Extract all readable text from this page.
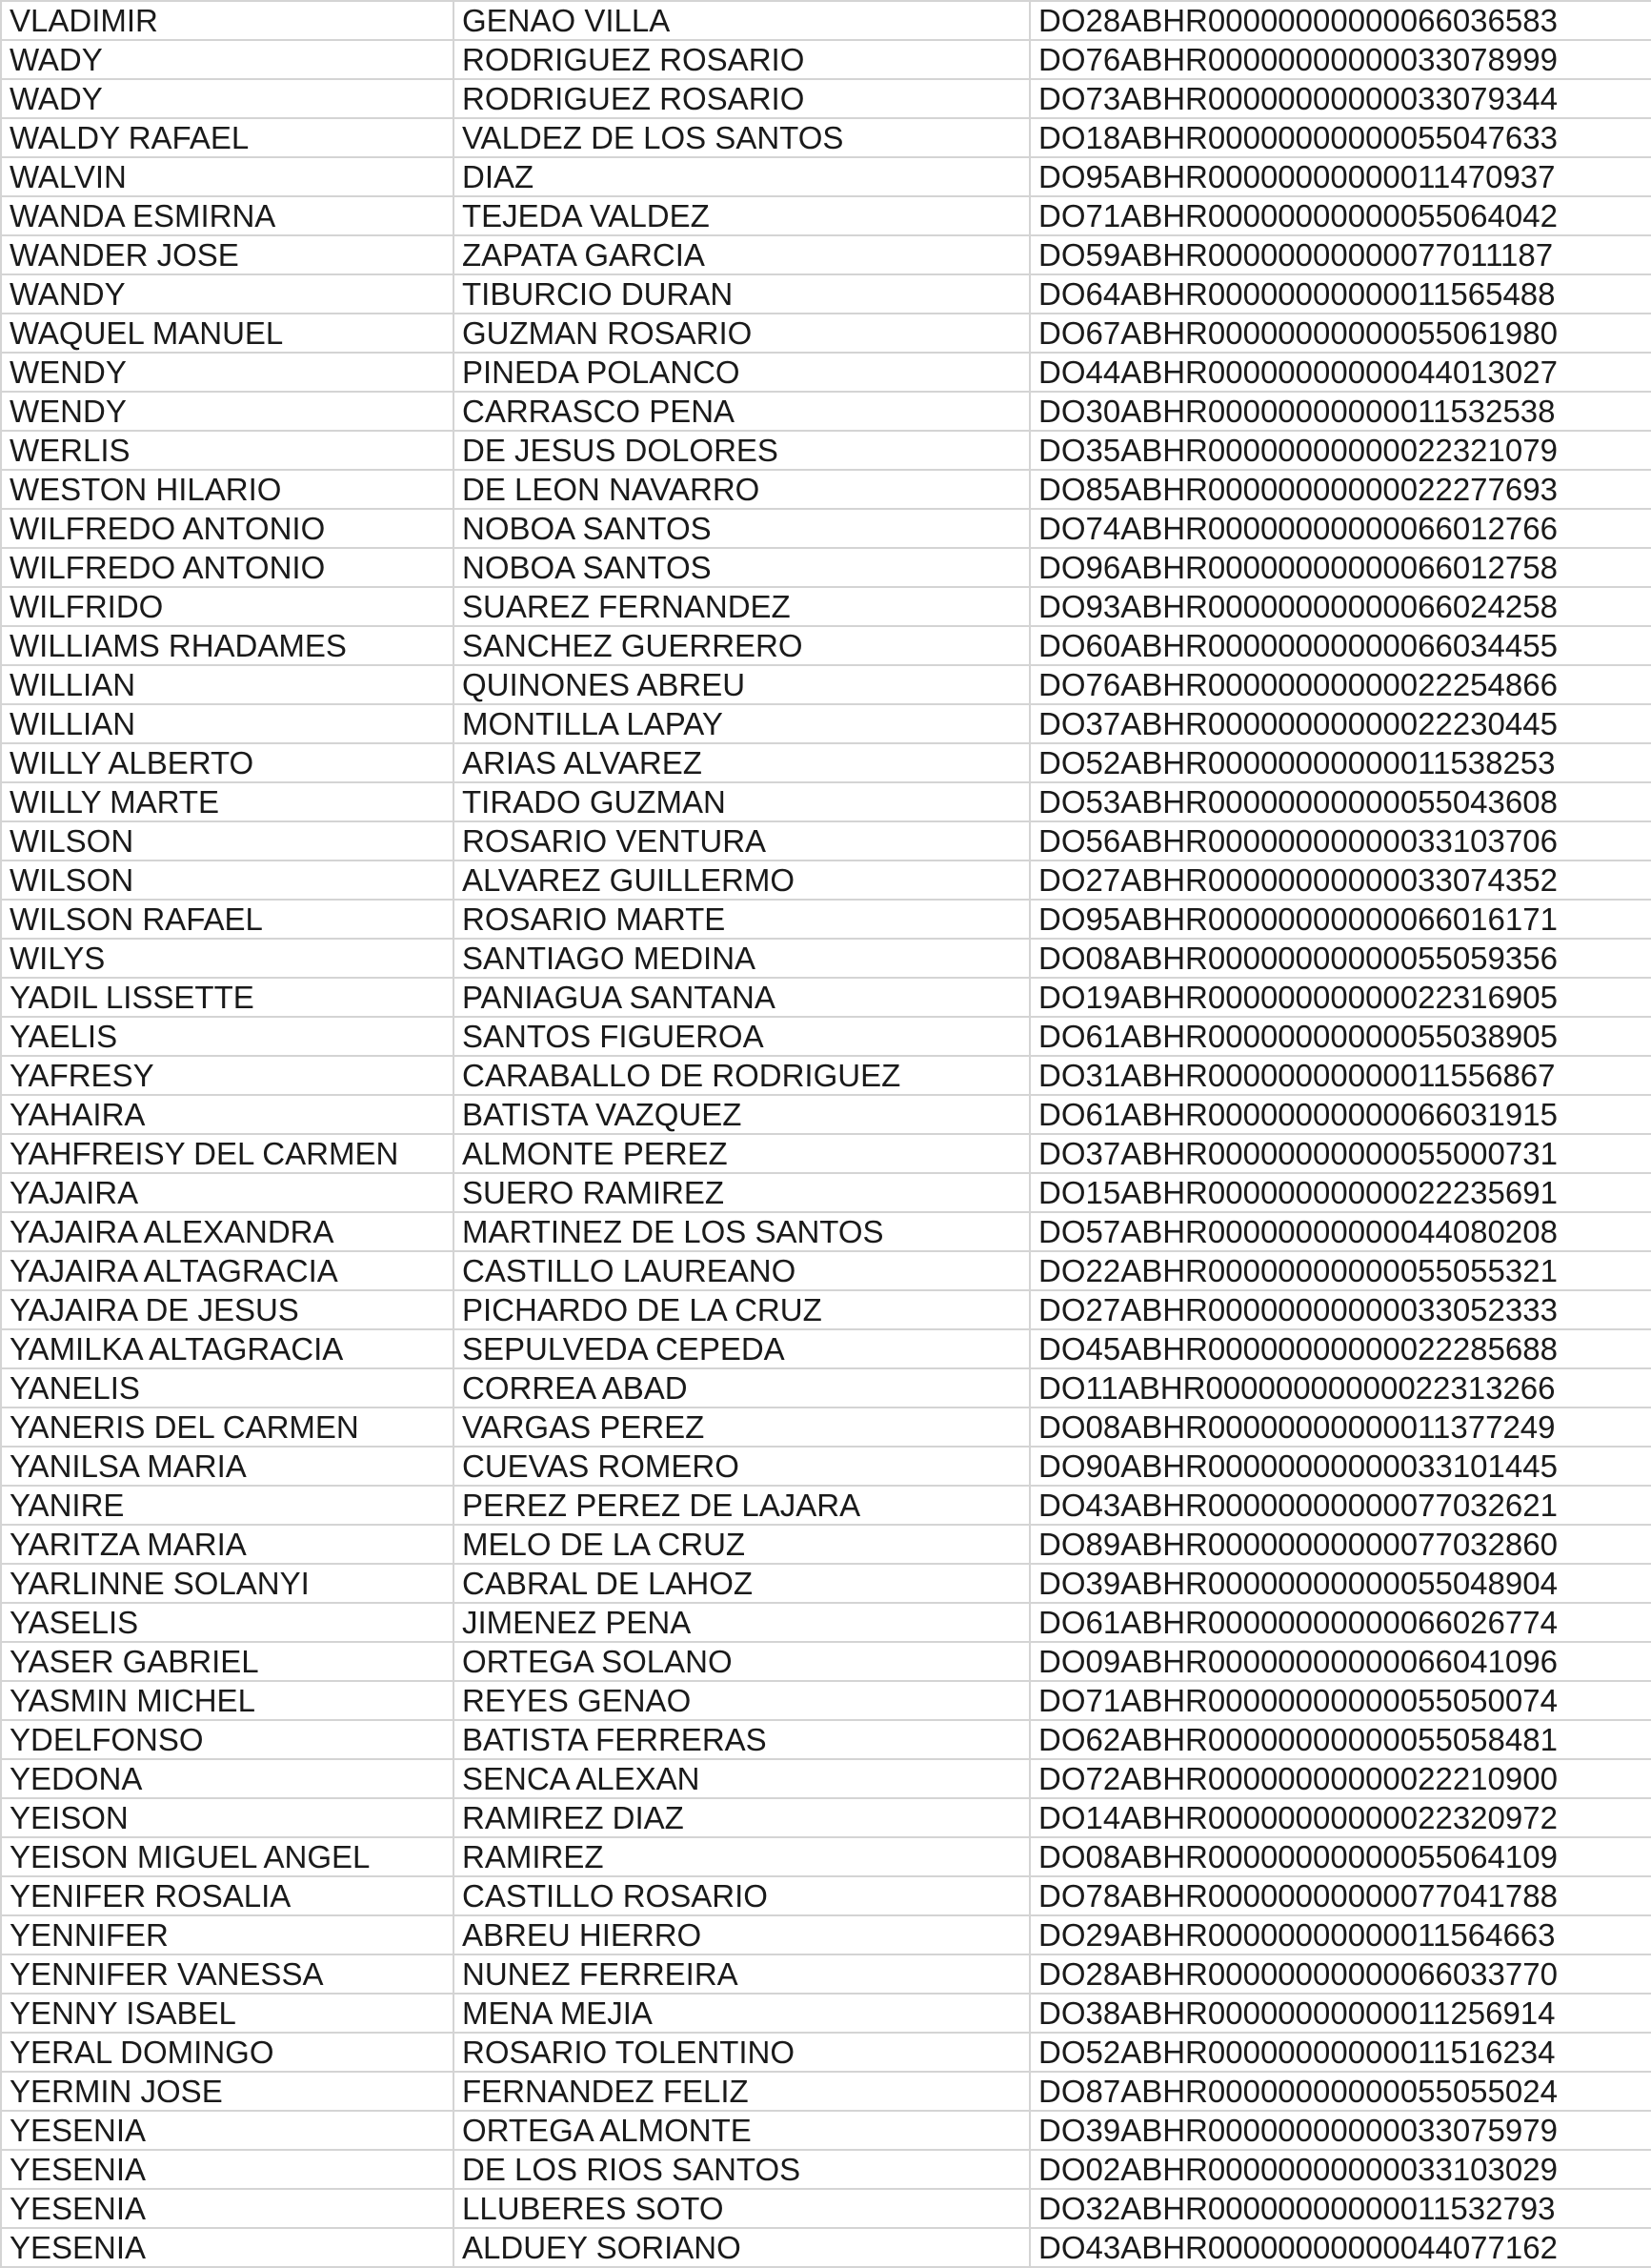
VLADIMIR	GENAO VILLA	DO28ABHR00000000000066036583
WADY	RODRIGUEZ ROSARIO	DO76ABHR00000000000033078999
WADY	RODRIGUEZ ROSARIO	DO73ABHR00000000000033079344
WALDY RAFAEL	VALDEZ DE LOS SANTOS	DO18ABHR00000000000055047633
WALVIN	DIAZ	DO95ABHR00000000000011470937
WANDA ESMIRNA	TEJEDA VALDEZ	DO71ABHR00000000000055064042
WANDER JOSE	ZAPATA GARCIA	DO59ABHR00000000000077011187
WANDY	TIBURCIO DURAN	DO64ABHR00000000000011565488
WAQUEL MANUEL	GUZMAN ROSARIO	DO67ABHR00000000000055061980
WENDY	PINEDA POLANCO	DO44ABHR00000000000044013027
WENDY	CARRASCO PENA	DO30ABHR00000000000011532538
WERLIS	DE JESUS DOLORES	DO35ABHR00000000000022321079
WESTON HILARIO	DE LEON NAVARRO	DO85ABHR00000000000022277693
WILFREDO ANTONIO	NOBOA SANTOS	DO74ABHR00000000000066012766
WILFREDO ANTONIO	NOBOA SANTOS	DO96ABHR00000000000066012758
WILFRIDO	SUAREZ FERNANDEZ	DO93ABHR00000000000066024258
WILLIAMS RHADAMES	SANCHEZ GUERRERO	DO60ABHR00000000000066034455
WILLIAN	QUINONES ABREU	DO76ABHR00000000000022254866
WILLIAN	MONTILLA LAPAY	DO37ABHR00000000000022230445
WILLY ALBERTO	ARIAS ALVAREZ	DO52ABHR00000000000011538253
WILLY MARTE	TIRADO GUZMAN	DO53ABHR00000000000055043608
WILSON	ROSARIO VENTURA	DO56ABHR00000000000033103706
WILSON	ALVAREZ GUILLERMO	DO27ABHR00000000000033074352
WILSON RAFAEL	ROSARIO MARTE	DO95ABHR00000000000066016171
WILYS	SANTIAGO MEDINA	DO08ABHR00000000000055059356
YADIL LISSETTE	PANIAGUA SANTANA	DO19ABHR00000000000022316905
YAELIS	SANTOS FIGUEROA	DO61ABHR00000000000055038905
YAFRESY	CARABALLO DE RODRIGUEZ	DO31ABHR00000000000011556867
YAHAIRA	BATISTA VAZQUEZ	DO61ABHR00000000000066031915
YAHFREISY DEL CARMEN	ALMONTE PEREZ	DO37ABHR00000000000055000731
YAJAIRA	SUERO RAMIREZ	DO15ABHR00000000000022235691
YAJAIRA ALEXANDRA	MARTINEZ DE LOS SANTOS	DO57ABHR00000000000044080208
YAJAIRA ALTAGRACIA	CASTILLO LAUREANO	DO22ABHR00000000000055055321
YAJAIRA DE JESUS	PICHARDO DE LA CRUZ	DO27ABHR00000000000033052333
YAMILKA ALTAGRACIA	SEPULVEDA CEPEDA	DO45ABHR00000000000022285688
YANELIS	CORREA ABAD	DO11ABHR00000000000022313266
YANERIS DEL CARMEN	VARGAS PEREZ	DO08ABHR00000000000011377249
YANILSA MARIA	CUEVAS ROMERO	DO90ABHR00000000000033101445
YANIRE	PEREZ PEREZ DE LAJARA	DO43ABHR00000000000077032621
YARITZA MARIA	MELO DE LA CRUZ	DO89ABHR00000000000077032860
YARLINNE SOLANYI	CABRAL DE LAHOZ	DO39ABHR00000000000055048904
YASELIS	JIMENEZ PENA	DO61ABHR00000000000066026774
YASER GABRIEL	ORTEGA SOLANO	DO09ABHR00000000000066041096
YASMIN MICHEL	REYES GENAO	DO71ABHR00000000000055050074
YDELFONSO	BATISTA FERRERAS	DO62ABHR00000000000055058481
YEDONA	SENCA ALEXAN	DO72ABHR00000000000022210900
YEISON	RAMIREZ DIAZ	DO14ABHR00000000000022320972
YEISON MIGUEL ANGEL	RAMIREZ	DO08ABHR00000000000055064109
YENIFER ROSALIA	CASTILLO ROSARIO	DO78ABHR00000000000077041788
YENNIFER	ABREU HIERRO	DO29ABHR00000000000011564663
YENNIFER VANESSA	NUNEZ FERREIRA	DO28ABHR00000000000066033770
YENNY ISABEL	MENA MEJIA	DO38ABHR00000000000011256914
YERAL DOMINGO	ROSARIO TOLENTINO	DO52ABHR00000000000011516234
YERMIN JOSE	FERNANDEZ FELIZ	DO87ABHR00000000000055055024
YESENIA	ORTEGA ALMONTE	DO39ABHR00000000000033075979
YESENIA	DE LOS RIOS SANTOS	DO02ABHR00000000000033103029
YESENIA	LLUBERES SOTO	DO32ABHR00000000000011532793
YESENIA	ALDUEY SORIANO	DO43ABHR00000000000044077162
